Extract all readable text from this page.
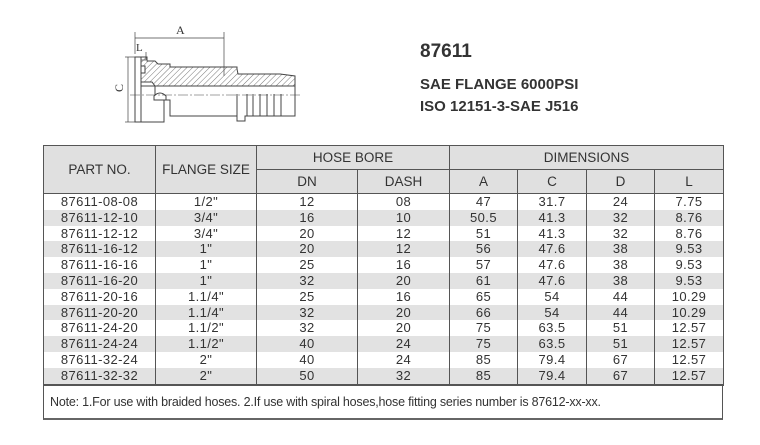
A
L
C
87611
SAE FLANGE 6000PSI
ISO 12151-3-SAE J516
PART NO.	FLANGE SIZE	HOSE BORE		DIMENSIONS			
		DN	DASH	A	C	D	L
87611-08-08	1/2"	12	08	47	31.7	24	7.75
87611-12-10	3/4"	16	10	50.5	41.3	32	8.76
87611-12-12	3/4"	20	12	51	41.3	32	8.76
87611-16-12	1"	20	12	56	47.6	38	9.53
87611-16-16	1"	25	16	57	47.6	38	9.53
87611-16-20	1"	32	20	61	47.6	38	9.53
87611-20-16	1.1/4"	25	16	65	54	44	10.29
87611-20-20	1.1/4"	32	20	66	54	44	10.29
87611-24-20	1.1/2"	32	20	75	63.5	51	12.57
87611-24-24	1.1/2"	40	24	75	63.5	51	12.57
87611-32-24	2"	40	24	85	79.4	67	12.57
87611-32-32	2"	50	32	85	79.4	67	12.57
Note: 1.For use with braided hoses. 2.If use with spiral hoses,hose fitting series number is 87612-xx-xx.
